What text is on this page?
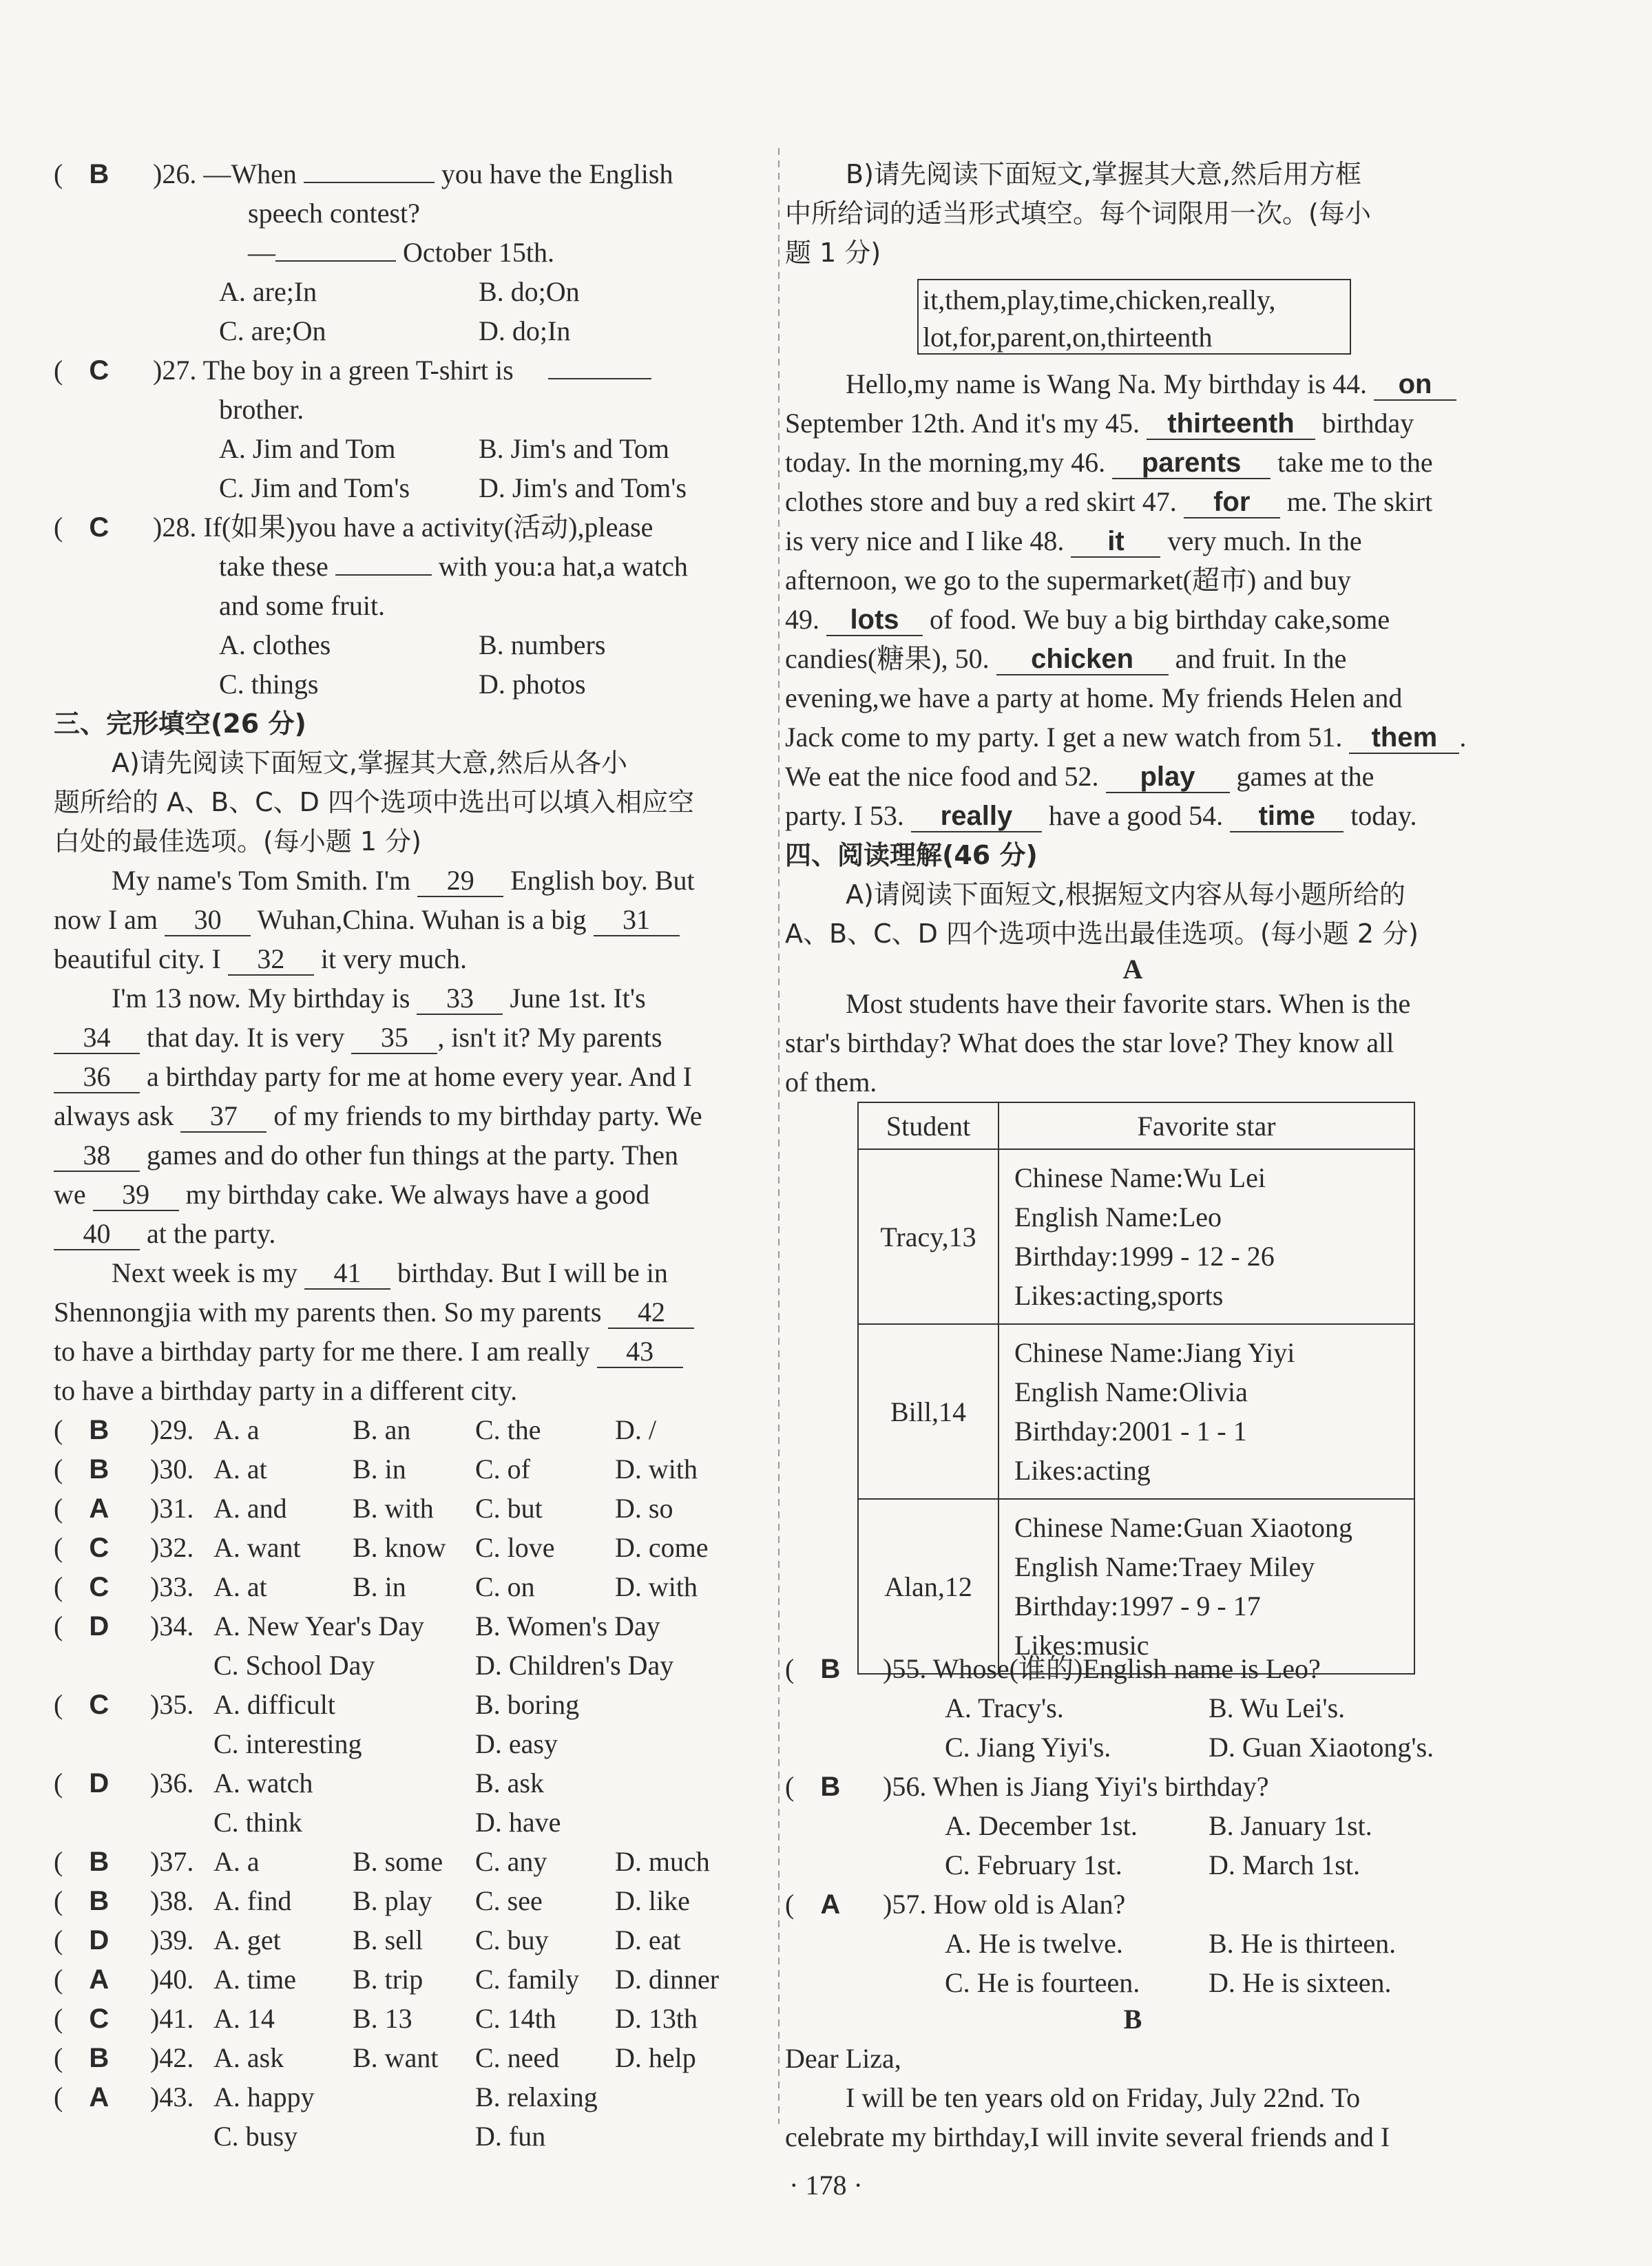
( B	)26. —When	you have the English
speech contest?
—	October 15th.
A. are;In	B. do;On
C. are;On	D. do;In
( C	)27. The boy in a green T-shirt is
brother.
A. Jim and Tom	B. Jim's and Tom
C. Jim and Tom's D. Jim's and Tom's
( C	)28. If(如果)you have a activity(活动),please
take these	with you:a hat,a watch
and some fruit.
A. clothes	B. numbers
C. things	D. photos
三、完形填空(26 分)
A)请先阅读下面短文,掌握其大意,然后从各小
题所给的 A、B、C、D 四个选项中选出可以填入相应空
白处的最佳选项。(每小题 1 分)
My name's Tom Smith. I'm 29 English boy. But
now I am 30 Wuhan,China. Wuhan is a big 31
beautiful city. I 32 it very much.
I'm 13 now. My birthday is 33 June 1st. It's
34 that day. It is very 35 , isn't it? My parents
36 a birthday party for me at home every year. And I
always ask 37 of my friends to my birthday party. We
38 games and do other fun things at the party. Then
we 39 my birthday cake. We always have a good
40 at the party.
Next week is my 41 birthday. But I will be in
Shennongjia with my parents then. So my parents 42
to have a birthday party for me there. I am really 43
to have a birthday party in a different city.
( B	)29. A. a	B. an C. the	D. /
( B	)30. A. at	B. in	C. of	D. with
( A	)31. A. and B. with C. but	D. so
( C	)32. A. want B. know C. love D. come
( C	)33. A. at	B. in	C. on	D. with
( D	)34. A. New Year's Day B. Women's Day
C. School Day	D. Children's Day
( C	)35. A. difficult	B. boring
C. interesting	D. easy
( D	)36. A. watch	B. ask
C. think	D. have
( B	)37. A. a	B. some C. any D. much
( B	)38. A. find B. play C. see	D. like
( D	)39. A. get	B. sell C. buy D. eat
( A	)40. A. time B. trip C. family D. dinner
( C	)41. A. 14	B. 13 C. 14th D. 13th
( B	)42. A. ask B. want C. need D. help
( A	)43. A. happy	B. relaxing
C. busy	D. fun
B)请先阅读下面短文,掌握其大意,然后用方框
中所给词的适当形式填空。每个词限用一次。(每小
题 1 分)
it,them,play,time,chicken,really,
lot,for,parent,on,thirteenth
Hello,my name is Wang Na. My birthday is 44. on
September 12th. And it's my 45. thirteenth birthday
today. In the morning,my 46. parents take me to the
clothes store and buy a red skirt 47. for me. The skirt
is very nice and I like 48. it very much. In the
afternoon, we go to the supermarket(超市) and buy
49. lots of food. We buy a big birthday cake,some
candies(糖果), 50. chicken and fruit. In the
evening,we have a party at home. My friends Helen and
Jack come to my party. I get a new watch from 51. them .
We eat the nice food and 52. play games at the
party. I 53. really have a good 54. time today.
四、阅读理解(46 分)
A)请阅读下面短文,根据短文内容从每小题所给的
A、B、C、D 四个选项中选出最佳选项。(每小题 2 分)
A
Most students have their favorite stars. When is the
star's birthday? What does the star love? They know all
of them.
Student	Favorite star
Tracy,13	Chinese Name:Wu Lei
English Name:Leo
Birthday:1999 - 12 - 26
Likes:acting,sports

Bill,14	Chinese Name:Jiang Yiyi
English Name:Olivia
Birthday:2001 - 1 - 1
Likes:acting

Alan,12	Chinese Name:Guan Xiaotong
English Name:Traey Miley
Birthday:1997 - 9 - 17
Likes:music
( B	)55. Whose(谁的)English name is Leo?
A. Tracy's.	B. Wu Lei's.
C. Jiang Yiyi's.	D. Guan Xiaotong's.
( B	)56. When is Jiang Yiyi's birthday?
A. December 1st.	B. January 1st.
C. February 1st.	D. March 1st.
( A	)57. How old is Alan?
A. He is twelve.	B. He is thirteen.
C. He is fourteen. D. He is sixteen.
B
Dear Liza,
I will be ten years old on Friday, July 22nd. To
celebrate my birthday,I will invite several friends and I
· 178 ·
